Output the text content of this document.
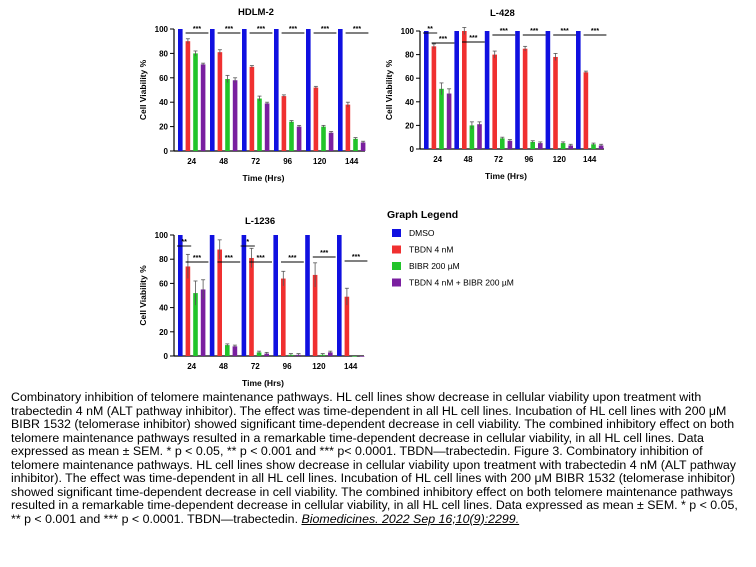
Graph Legend
DMSO
TBDN 4 nM
BIBR 200 µM
TBDN 4 nM + BIBR 200 µM
HDLM-2
Cell Viability %
Time (Hrs)
0
20
40
60
80
100
24	48	72	96	120 144
***	***	***	***	***	***
L-428
Cell Viability %
Time (Hrs)
0
20
40
60
80
100
24	48	72	96 120 144
**
***	***
***	***	***	***
L-1236
Cell Viability %
Time (Hrs)
0
20
40
60
80
100
24	48	72	96	120 144
**
***	***
*
***	***
***
***

Combinatory inhibition of telomere maintenance pathways. HL cell lines show decrease in cellular viability upon treatment with trabectedin 4 nM (ALT pathway inhibitor). The effect was time-dependent in all HL cell lines. Incubation of HL cell lines with 200 μM BIBR 1532 (telomerase inhibitor) showed significant time-dependent decrease in cell viability. The combined inhibitory effect on both telomere maintenance pathways resulted in a remarkable time-dependent decrease in cellular viability, in all HL cell lines. Data expressed as mean ± SEM. * p < 0.05, ** p < 0.001 and *** p< 0.0001. TBDN—trabectedin. Figure 3. Combinatory inhibition of telomere maintenance pathways. HL cell lines show decrease in cellular viability upon treatment with trabectedin 4 nM (ALT pathway inhibitor). The effect was time-dependent in all HL cell lines. Incubation of HL cell lines with 200 μM BIBR 1532 (telomerase inhibitor) showed significant time-dependent decrease in cell viability. The combined inhibitory effect on both telomere maintenance pathways resulted in a remarkable time-dependent decrease in cellular viability, in all HL cell lines. Data expressed as mean ± SEM. * p < 0.05, ** p < 0.001 and *** p < 0.0001. TBDN—trabectedin. Biomedicines. 2022 Sep 16;10(9):2299.
